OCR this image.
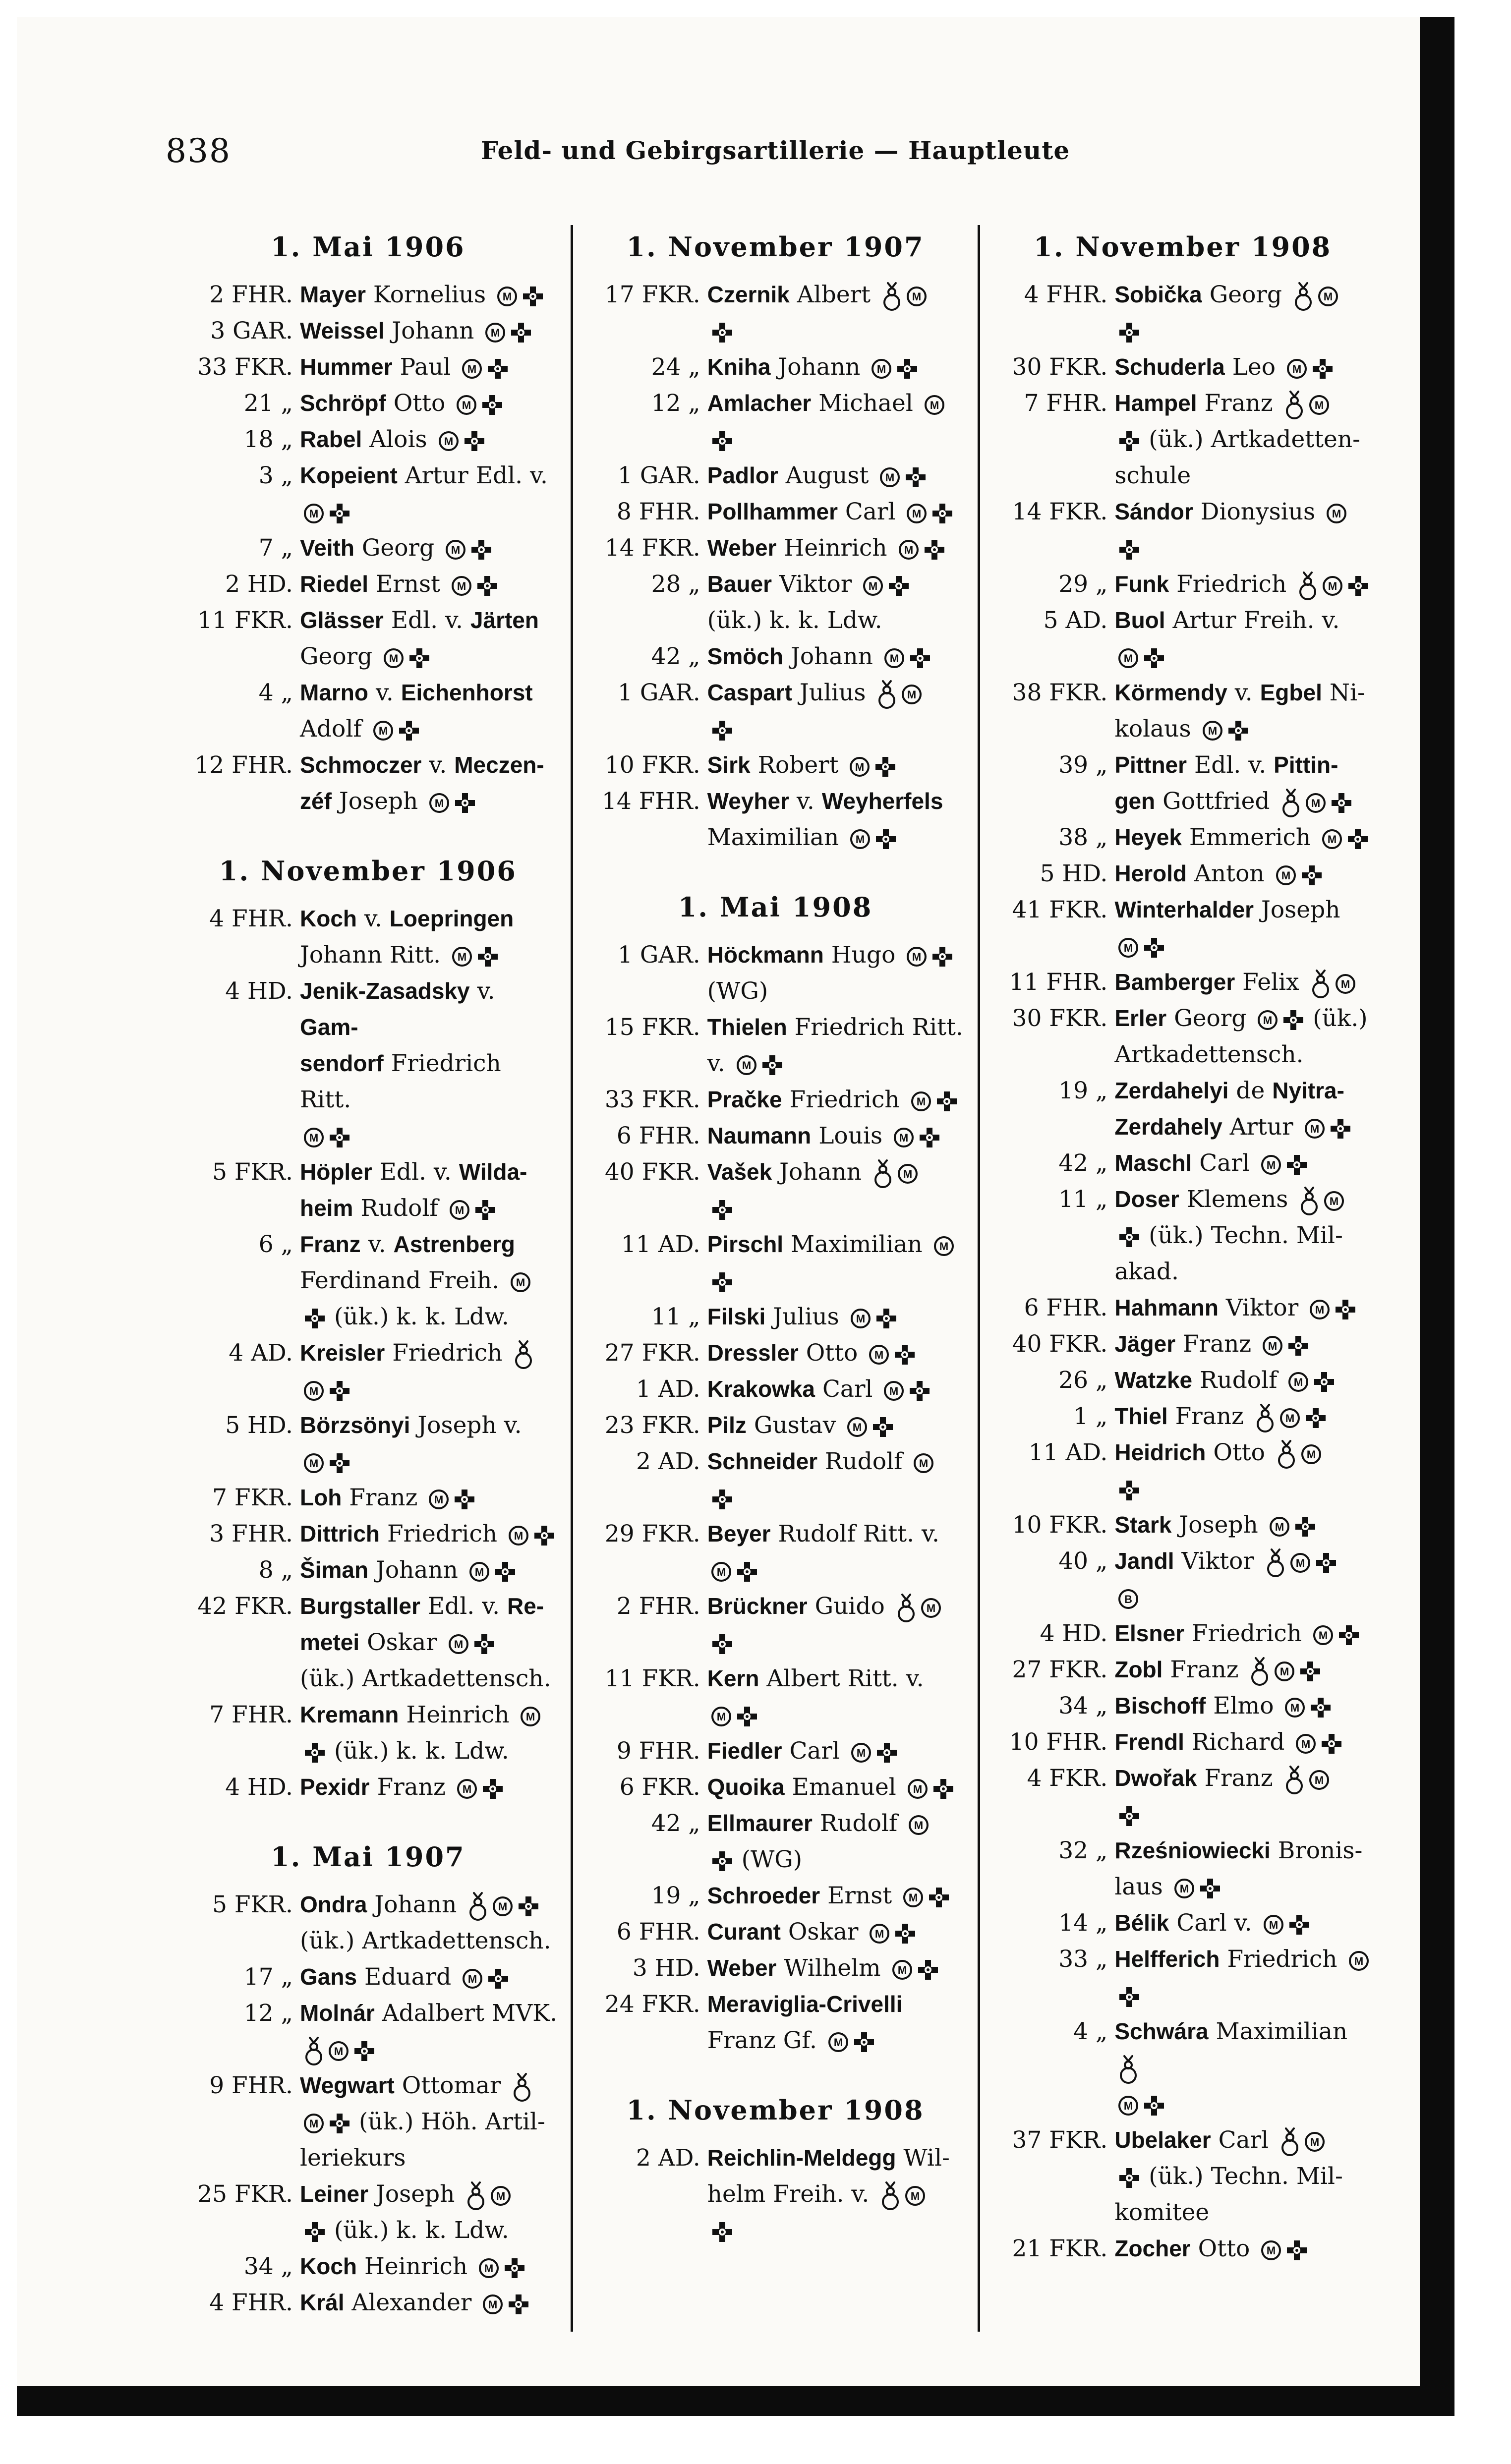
838	Feld- und Gebirgsartillerie — Hauptleute
1. Mai 1906
2 FHR. Mayer Kornelius M
3 GAR. Weissel Johann M
33 FKR. Hummer Paul M
21 „ Schröpf Otto M
18 „ Rabel Alois M
3 „ Kopeient Artur Edl. v.
M
7 „ Veith Georg M
2 HD. Riedel Ernst M
11 FKR. Glässer Edl. v. Järten
Georg M
4 „ Marno v. Eichenhorst
Adolf M
12 FHR. Schmoczer v. Meczen-
zéf Joseph M
1. November 1906
4 FHR. Koch v. Loepringen
Johann Ritt. M
4 HD. Jenik-Zasadsky v. Gam-
sendorf Friedrich Ritt.
M
5 FKR. Höpler Edl. v. Wilda-
heim Rudolf M
6 „ Franz v. Astrenberg
Ferdinand Freih. M
(ük.) k. k. Ldw.
4 AD. Kreisler Friedrich
M
5 HD. Börzsönyi Joseph v.
M
7 FKR. Loh Franz M
3 FHR. Dittrich Friedrich M
8 „ Šiman Johann M
42 FKR. Burgstaller Edl. v. Re-
metei Oskar M
(ük.) Artkadettensch.
7 FHR. Kremann Heinrich M
(ük.) k. k. Ldw.
4 HD. Pexidr Franz M
1. Mai 1907
5 FKR. Ondra Johann	M
(ük.) Artkadettensch.
17 „ Gans Eduard M
12 „ Molnár Adalbert MVK.
M
9 FHR. Wegwart Ottomar
M (ük.) Höh. Artil-
leriekurs
25 FKR. Leiner Joseph	M
(ük.) k. k. Ldw.
34 „ Koch Heinrich M
4 FHR. Král Alexander M
1. November 1907
17 FKR. Czernik Albert	M
24 „ Kniha Johann M
12 „ Amlacher Michael M
1 GAR. Padlor August M
8 FHR. Pollhammer Carl M
14 FKR. Weber Heinrich M
28 „ Bauer Viktor M
(ük.) k. k. Ldw.
42 „ Smöch Johann M
1 GAR. Caspart Julius	M
10 FKR. Sirk Robert M
14 FHR. Weyher v. Weyherfels
Maximilian M
1. Mai 1908
1 GAR. Höckmann Hugo M
(WG)
15 FKR. Thielen Friedrich Ritt.
v. M
33 FKR. Pračke Friedrich M
6 FHR. Naumann Louis M
40 FKR. Vašek Johann	M
11 AD. Pirschl Maximilian M
11 „ Filski Julius M
27 FKR. Dressler Otto M
1 AD. Krakowka Carl M
23 FKR. Pilz Gustav M
2 AD. Schneider Rudolf M
29 FKR. Beyer Rudolf Ritt. v.
M
2 FHR. Brückner Guido	M
11 FKR. Kern Albert Ritt. v.
M
9 FHR. Fiedler Carl M
6 FKR. Quoika Emanuel M
42 „ Ellmaurer Rudolf M
(WG)
19 „ Schroeder Ernst M
6 FHR. Curant Oskar M
3 HD. Weber Wilhelm M
24 FKR. Meraviglia-Crivelli
Franz Gf. M
1. November 1908
2 AD. Reichlin-Meldegg Wil-
helm Freih. v.	M
1. November 1908
4 FHR. Sobička Georg	M
30 FKR. Schuderla Leo M
7 FHR. Hampel Franz	M
(ük.) Artkadetten-
schule
14 FKR. Sándor Dionysius M
29 „ Funk Friedrich	M
5 AD. Buol Artur Freih. v.
M
38 FKR. Körmendy v. Egbel Ni-
kolaus M
39 „ Pittner Edl. v. Pittin-
gen Gottfried	M
38 „ Heyek Emmerich M
5 HD. Herold Anton M
41 FKR. Winterhalder Joseph
M
11 FHR. Bamberger Felix	M
30 FKR. Erler Georg M (ük.)
Artkadettensch.
19 „ Zerdahelyi de Nyitra-
Zerdahely Artur M
42 „ Maschl Carl M
11 „ Doser Klemens	M
(ük.) Techn. Mil-
akad.
6 FHR. Hahmann Viktor M
40 FKR. Jäger Franz M
26 „ Watzke Rudolf M
1 „ Thiel Franz	M
11 AD. Heidrich Otto	M
10 FKR. Stark Joseph M
40 „ Jandl Viktor	M
B
4 HD. Elsner Friedrich M
27 FKR. Zobl Franz	M
34 „ Bischoff Elmo M
10 FHR. Frendl Richard M
4 FKR. Dwořak Franz	M
32 „ Rześniowiecki Bronis-
laus M
14 „ Bélik Carl v. M
33 „ Helfferich Friedrich M
4 „ Schwára Maximilian
M
37 FKR. Ubelaker Carl	M
(ük.) Techn. Mil-
komitee
21 FKR. Zocher Otto M
